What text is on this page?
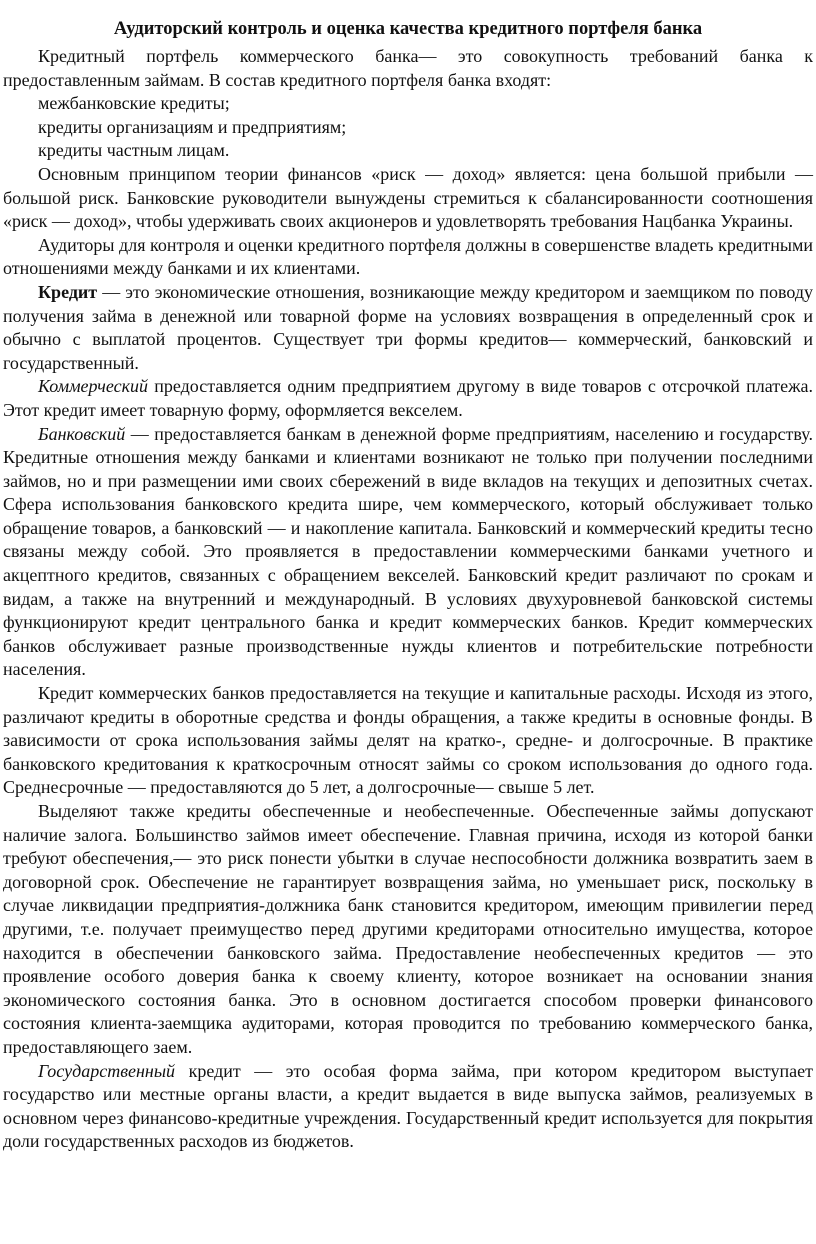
Аудиторский контроль и оценка качества кредитного портфеля банка

Кредитный портфель коммерческого банка— это совокупность требований банка к предоставленным займам. В состав кредитного портфеля банка входят:

межбанковские кредиты;

кредиты организациям и предприятиям;

кредиты частным лицам.

Основным принципом теории финансов «риск — доход» является: цена большой прибыли — большой риск. Банковские руководители вынуждены стремиться к сбалансированности соотношения «риск — доход», чтобы удерживать своих акционеров и удовлетворять требования Нацбанка Украины.

Аудиторы для контроля и оценки кредитного портфеля должны в совершенстве владеть кредитными отношениями между банками и их клиентами.

Кредит — это экономические отношения, возникающие между кредитором и заемщиком по поводу получения займа в денежной или товарной форме на условиях возвращения в определенный срок и обычно с выплатой процентов. Существует три формы кредитов— коммерческий, банковский и государственный.

Коммерческий предоставляется одним предприятием другому в виде товаров с отсрочкой платежа. Этот кредит имеет товарную форму, оформляется векселем.

Банковский — предоставляется банкам в денежной форме предприятиям, населению и государству. Кредитные отношения между банками и клиентами возникают не только при получении последними займов, но и при размещении ими своих сбережений в виде вкладов на текущих и депозитных счетах. Сфера использования банковского кредита шире, чем коммерческого, который обслуживает только обращение товаров, а банковский — и накопление капитала. Банковский и коммерческий кредиты тесно связаны между собой. Это проявляется в предоставлении коммерческими банками учетного и акцептного кредитов, связанных с обращением векселей. Банковский кредит различают по срокам и видам, а также на внутренний и международный. В условиях двухуровневой банковской системы функционируют кредит центрального банка и кредит коммерческих банков. Кредит коммерческих банков обслуживает разные производственные нужды клиентов и потребительские потребности населения.

Кредит коммерческих банков предоставляется на текущие и капитальные расходы. Исходя из этого, различают кредиты в оборотные средства и фонды обращения, а также кредиты в основные фонды. В зависимости от срока использования займы делят на кратко-, средне- и долгосрочные. В практике банковского кредитования к краткосрочным относят займы со сроком использования до одного года. Среднесрочные — предоставляются до 5 лет, а долгосрочные— свыше 5 лет.

Выделяют также кредиты обеспеченные и необеспеченные. Обеспеченные займы допускают наличие залога. Большинство займов имеет обеспечение. Главная причина, исходя из которой банки требуют обеспечения,— это риск понести убытки в случае неспособности должника возвратить заем в договорной срок. Обеспечение не гарантирует возвращения займа, но уменьшает риск, поскольку в случае ликвидации предприятия-должника банк становится кредитором, имеющим привилегии перед другими, т.е. получает преимущество перед другими кредиторами относительно имущества, которое находится в обеспечении банковского займа. Предоставление необеспеченных кредитов — это проявление особого доверия банка к своему клиенту, которое возникает на основании знания экономического состояния банка. Это в основном достигается способом проверки финансового состояния клиента-заемщика аудиторами, которая проводится по требованию коммерческого банка, предоставляющего заем.

Государственный кредит — это особая форма займа, при котором кредитором выступает государство или местные органы власти, а кредит выдается в виде выпуска займов, реализуемых в основном через финансово-кредитные учреждения. Государственный кредит используется для покрытия доли государственных расходов из бюджетов.
